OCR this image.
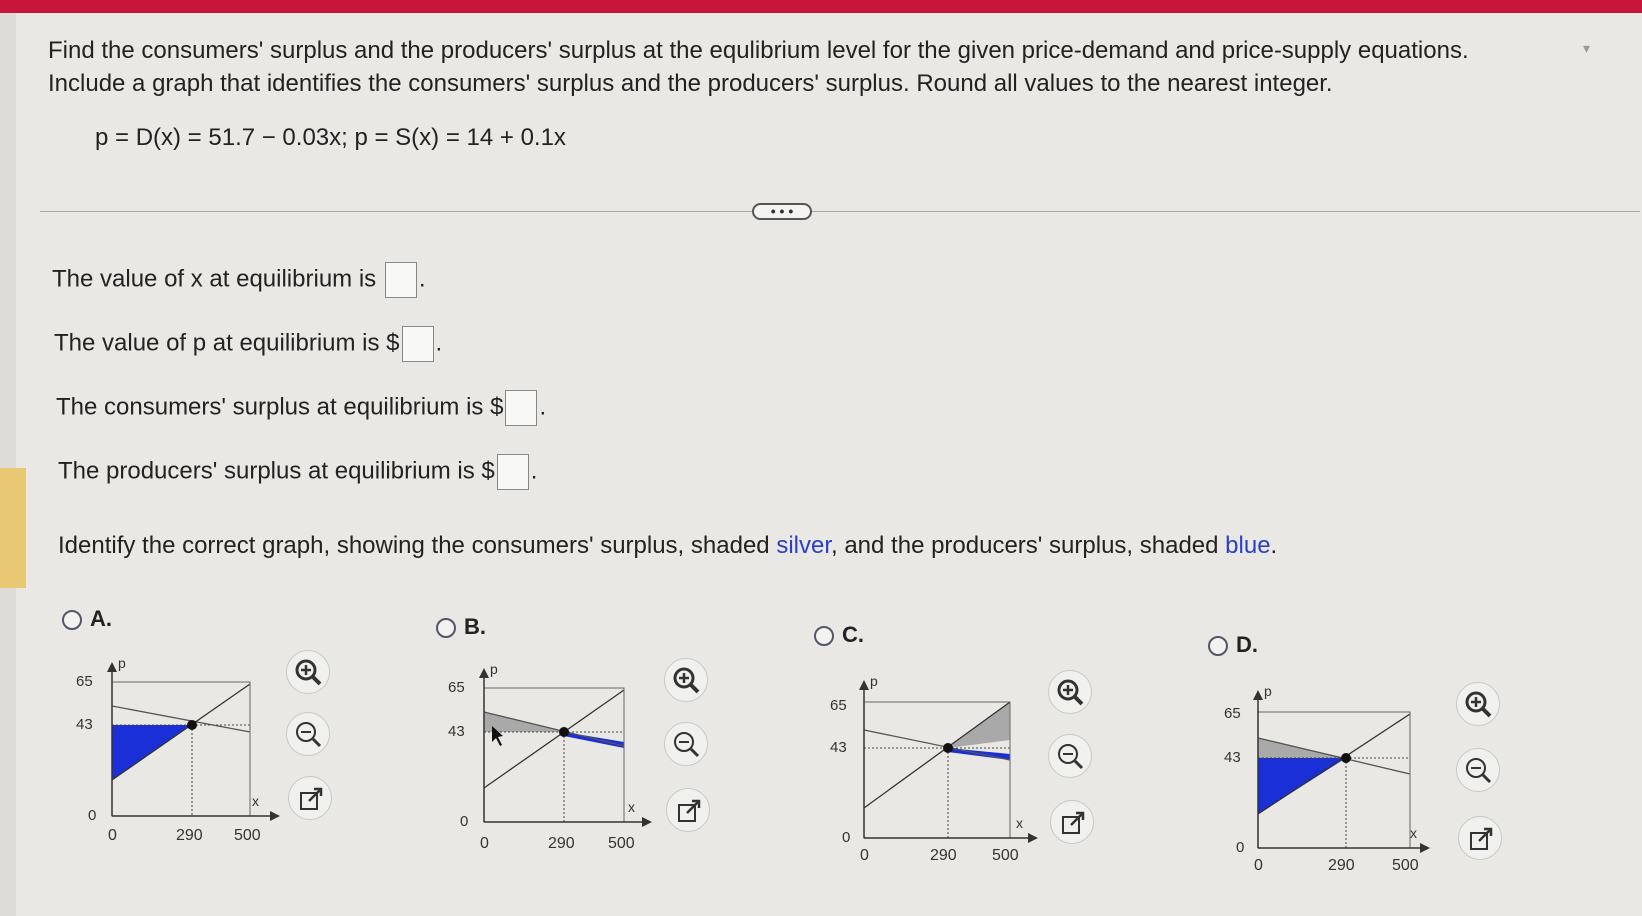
Find the consumers' surplus and the producers' surplus at the equlibrium level for the given price-demand and price-supply equations.
Include a graph that identifies the consumers' surplus and the producers' surplus. Round all values to the nearest integer.
▾
p = D(x) = 51.7 − 0.03x; p = S(x) = 14 + 0.1x
• • •
The value of x at equilibrium is .
The value of p at equilibrium is $ .
The consumers' surplus at equilibrium is $ .
The producers' surplus at equilibrium is $ .
Identify the correct graph, showing the consumers' surplus, shaded silver, and the producers' surplus, shaded blue.
A.	B.	C.	D.
p
x
65
43
0
0	290 500
p
x
65
43
0
0	290 500
p
x
65
43
0
0	290 500
p
x
65
43
0
0	290 500
